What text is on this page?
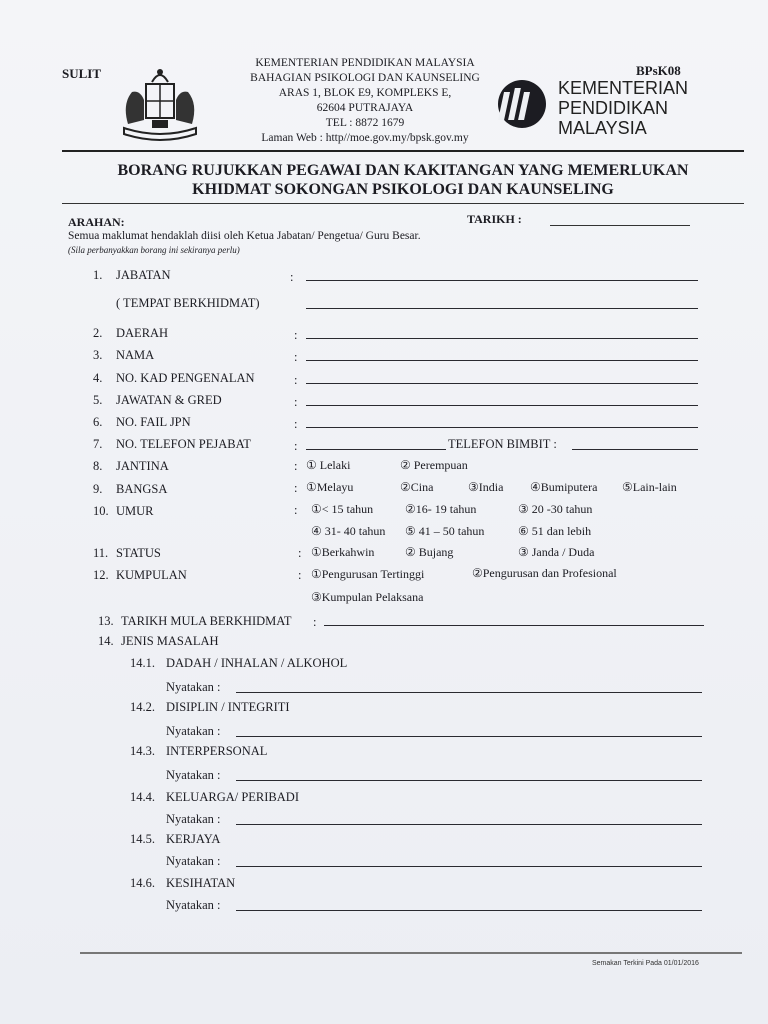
SULIT	BPsK08
KEMENTERIAN PENDIDIKAN MALAYSIA
BAHAGIAN PSIKOLOGI DAN KAUNSELING
ARAS 1, BLOK E9, KOMPLEKS E,
62604 PUTRAJAYA
TEL : 8872 1679
Laman Web : http//moe.gov.my/bpsk.gov.my
KEMENTERIAN
PENDIDIKAN
MALAYSIA
BORANG RUJUKKAN PEGAWAI DAN KAKITANGAN YANG MEMERLUKAN
KHIDMAT SOKONGAN PSIKOLOGI DAN KAUNSELING
ARAHAN:	TARIKH :
Semua maklumat hendaklah diisi oleh Ketua Jabatan/ Pengetua/ Guru Besar.
(Sila perbanyakkan borang ini sekiranya perlu)
1. JABATAN	:
( TEMPAT BERKHIDMAT)
2. DAERAH	:
3. NAMA	:
4. NO. KAD PENGENALAN	:
5. JAWATAN & GRED	:
6. NO. FAIL JPN	:
7. NO. TELEFON PEJABAT	:	TELEFON BIMBIT :
8. JANTINA	: ① Lelaki	② Perempuan
9. BANGSA	: ①Melayu	②Cina	③India ④Bumiputera ⑤Lain-lain
10. UMUR	: ①< 15 tahun	②16- 19 tahun	③ 20 -30 tahun
④ 31- 40 tahun ⑤ 41 – 50 tahun	⑥ 51 dan lebih
11. STATUS	: ①Berkahwin	② Bujang	③ Janda / Duda
12. KUMPULAN	: ①Pengurusan Tertinggi	②Pengurusan dan Profesional
③Kumpulan Pelaksana
13. TARIKH MULA BERKHIDMAT :
14. JENIS MASALAH
14.1. DADAH / INHALAN / ALKOHOL
Nyatakan :
14.2. DISIPLIN / INTEGRITI
Nyatakan :
14.3. INTERPERSONAL
Nyatakan :
14.4. KELUARGA/ PERIBADI
Nyatakan :
14.5. KERJAYA
Nyatakan :
14.6. KESIHATAN
Nyatakan :
Semakan Terkini Pada 01/01/2016
